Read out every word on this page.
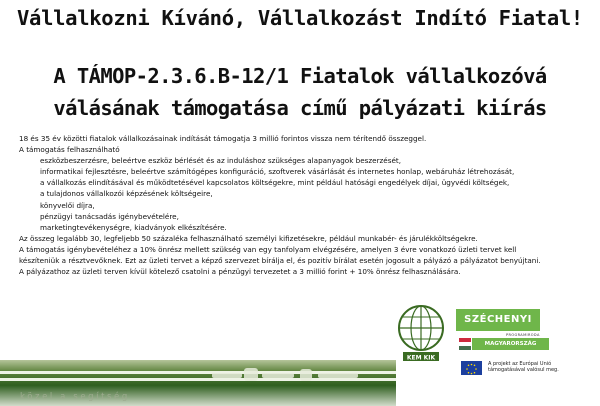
Vállalkozni Kívánó, Vállalkozást Indító Fiatal!
A TÁMOP-2.3.6.B-12/1 Fiatalok vállalkozóvá
válásának támogatása című pályázati kiírás

18 és 35 év közötti fiatalok vállalkozásainak indítását támogatja 3 millió forintos vissza nem térítendő összeggel.

A támogatás felhasználható

eszközbeszerzésre, beleértve eszköz bérlését és az induláshoz szükséges alapanyagok beszerzését,

informatikai fejlesztésre, beleértve számítógépes konfiguráció, szoftverek vásárlását és internetes honlap, webáruház létrehozását,

a vállalkozás elindításával és működtetésével kapcsolatos költségekre, mint például hatósági engedélyek díjai, ügyvédi költségek,

a tulajdonos vállalkozói képzésének költségeire,

könyvelői díjra,

pénzügyi tanácsadás igénybevételére,

marketingtevékenységre, kiadványok elkészítésére.

Az összeg legalább 30, legfeljebb 50 százaléka felhasználható személyi kifizetésekre, például munkabér- és járulékköltségekre.

A támogatás igénybevételéhez a 10% önrész mellett szükség van egy tanfolyam elvégzésére, amelyen 3 évre vonatkozó üzleti tervet kell

készíteniük a résztvevőknek. Ezt az üzleti tervet a képző szervezet bírálja el, és pozitív bírálat esetén jogosult a pályázó a pályázatot benyújtani.

A pályázathoz az üzleti terven kívül kötelező csatolni a pénzügyi tervezetet a 3 millió forint + 10% önrész felhasználására.

közel a segítség
KEM KIK
SZÉCHENYI
PROGRAMIRODA
MAGYARORSZÁG MEGÚJUL
A projekt az Európai Unió támogatásával valósul meg.
